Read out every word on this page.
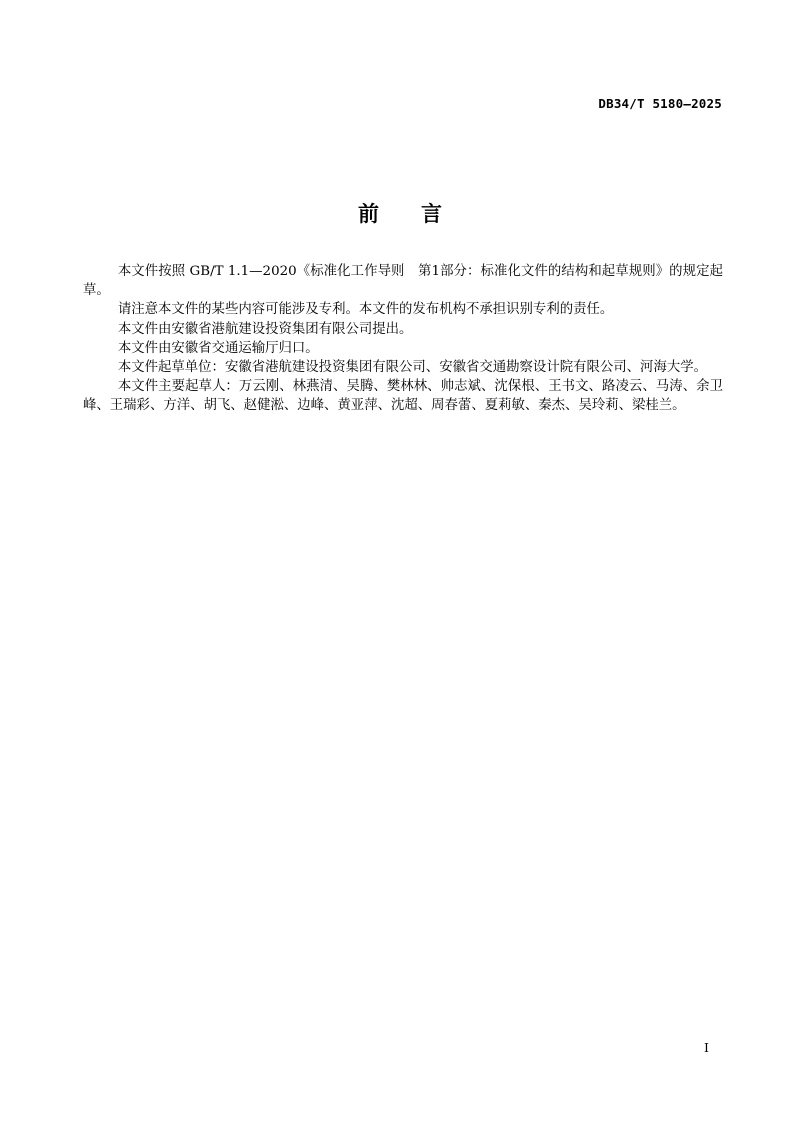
DB34/T 5180—2025
前言

本文件按照 GB/T 1.1—2020《标准化工作导则　第1部分：标准化文件的结构和起草规则》的规定起草。

请注意本文件的某些内容可能涉及专利。本文件的发布机构不承担识别专利的责任。

本文件由安徽省港航建设投资集团有限公司提出。

本文件由安徽省交通运输厅归口。

本文件起草单位：安徽省港航建设投资集团有限公司、安徽省交通勘察设计院有限公司、河海大学。

本文件主要起草人：万云刚、林燕清、吴腾、樊林林、帅志斌、沈保根、王书文、路凌云、马涛、余卫峰、王瑞彩、方洋、胡飞、赵健淞、边峰、黄亚萍、沈超、周春蕾、夏莉敏、秦杰、吴玲莉、梁桂兰。

I
